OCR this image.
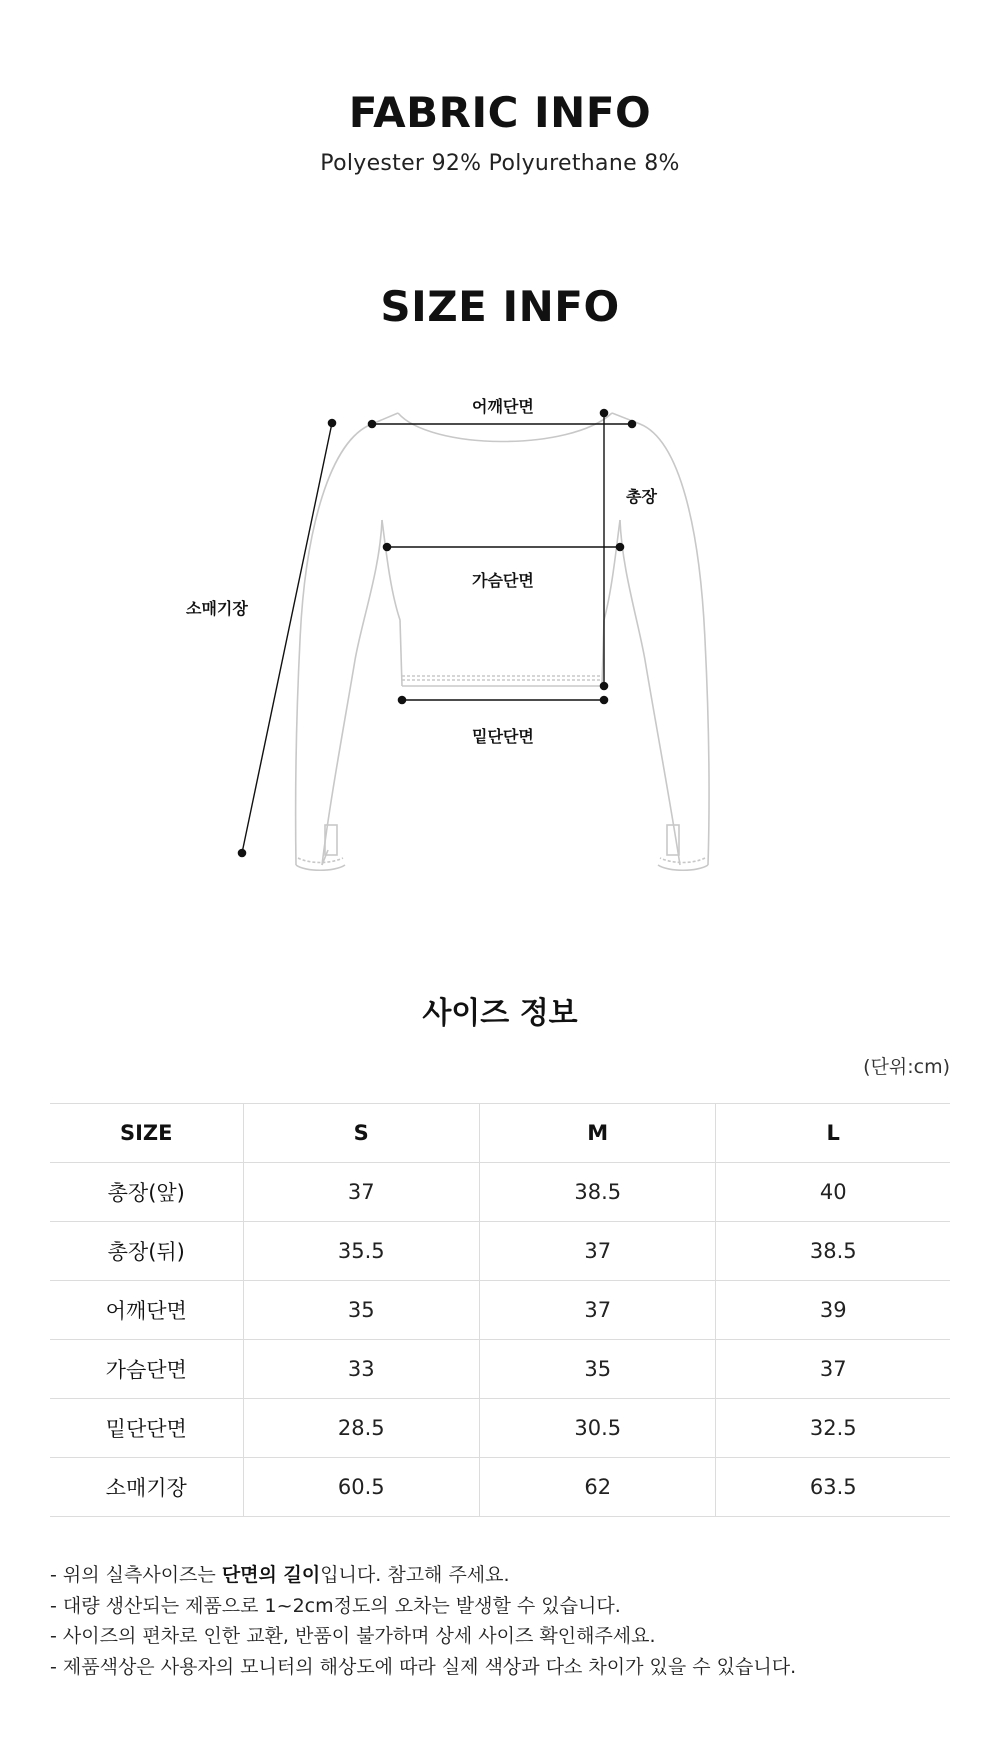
FABRIC INFO
Polyester 92% Polyurethane 8%
SIZE INFO
어깨단면
총장
가슴단면
소매기장
밑단단면
사이즈 정보
(단위:cm)
SIZE	S	M	L
총장(앞)	37	38.5	40
총장(뒤)	35.5	37	38.5
어깨단면	35	37	39
가슴단면	33	35	37
밑단단면	28.5	30.5	32.5
소매기장	60.5	62	63.5
- 위의 실측사이즈는 단면의 길이입니다. 참고해 주세요.
- 대량 생산되는 제품으로 1~2cm정도의 오차는 발생할 수 있습니다.
- 사이즈의 편차로 인한 교환, 반품이 불가하며 상세 사이즈 확인해주세요.
- 제품색상은 사용자의 모니터의 해상도에 따라 실제 색상과 다소 차이가 있을 수 있습니다.
